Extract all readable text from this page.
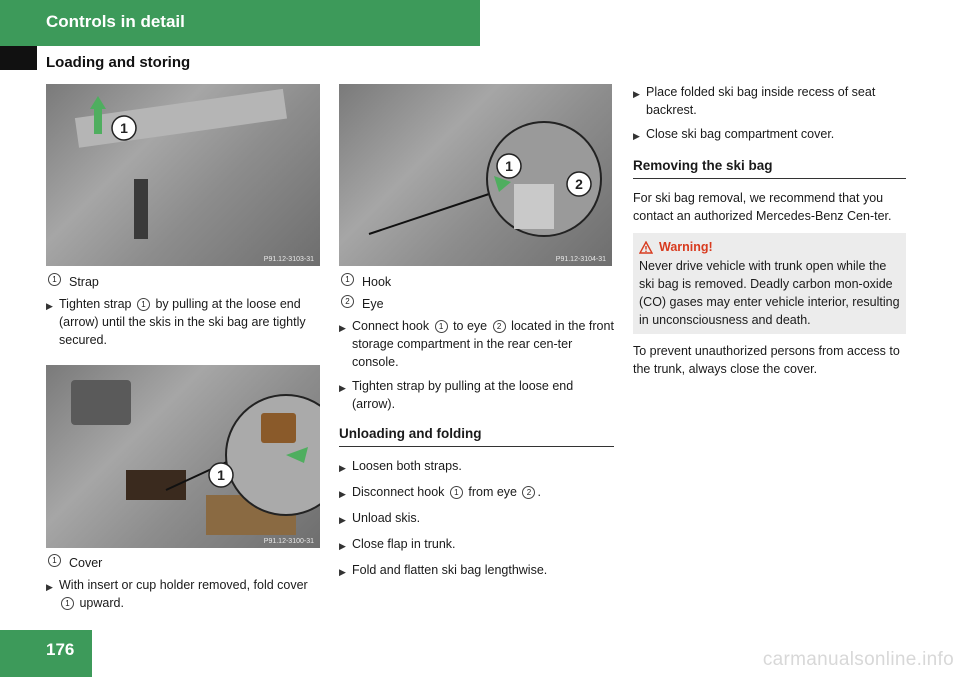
Controls in detail
Loading and storing
1
P91.12-3103-31
1
2
P91.12-3104-31
1
P91.12-3100-31
1 Strap
▶ Tighten strap 1 by pulling at the loose end (arrow) until the skis in the ski bag are tightly secured.
1 Cover
▶ With insert or cup holder removed, fold cover 1 upward.
1 Hook
2 Eye
▶ Connect hook 1 to eye 2 located in the front storage compartment in the rear cen-ter console.
▶ Tighten strap by pulling at the loose end (arrow).
Unloading and folding
▶ Loosen both straps.
▶ Disconnect hook 1 from eye 2 .
▶ Unload skis.
▶ Close flap in trunk.
▶ Fold and flatten ski bag lengthwise.
▶ Place folded ski bag inside recess of seat backrest.
▶ Close ski bag compartment cover.
Removing the ski bag

For ski bag removal, we recommend that you contact an authorized Mercedes-Benz Cen-ter.

Warning!
Never drive vehicle with trunk open while the ski bag is removed. Deadly carbon mon-oxide (CO) gases may enter vehicle interior, resulting in unconsciousness and death.

To prevent unauthorized persons from access to the trunk, always close the cover.

176	carmanualsonline.info
